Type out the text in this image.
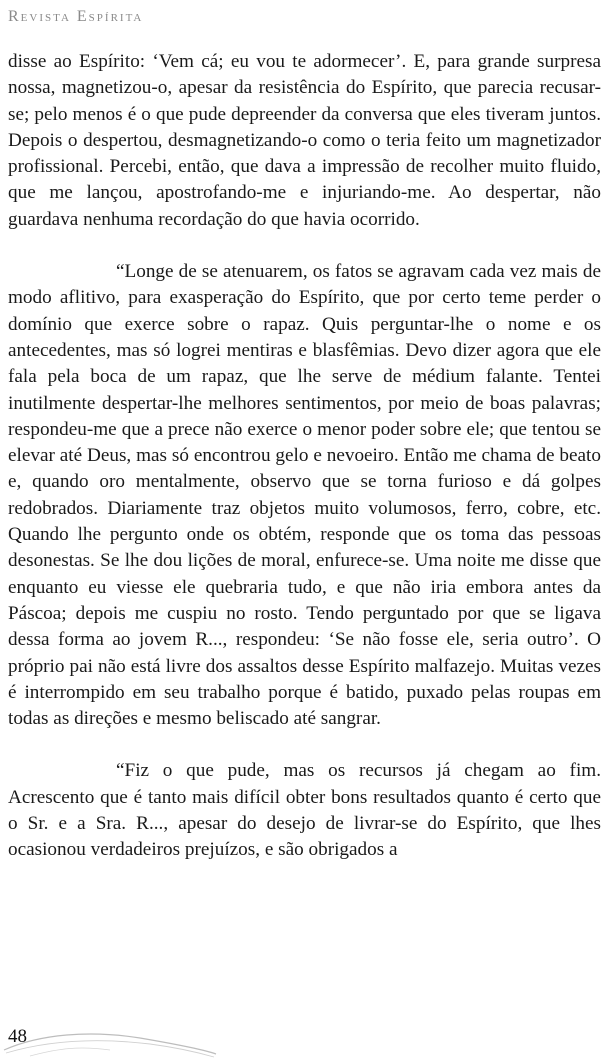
Revista Espírita

disse ao Espírito: ‘Vem cá; eu vou te adormecer’. E, para grande surpresa nossa, magnetizou-o, apesar da resistência do Espírito, que parecia recusar-se; pelo menos é o que pude depreender da conversa que eles tiveram juntos. Depois o despertou, desmagnetizando-o como o teria feito um magnetizador profissional. Percebi, então, que dava a impressão de recolher muito fluido, que me lançou, apostrofando-me e injuriando-me. Ao despertar, não guardava nenhuma recordação do que havia ocorrido.

“Longe de se atenuarem, os fatos se agravam cada vez mais de modo aflitivo, para exasperação do Espírito, que por certo teme perder o domínio que exerce sobre o rapaz. Quis perguntar-lhe o nome e os antecedentes, mas só logrei mentiras e blasfêmias. Devo dizer agora que ele fala pela boca de um rapaz, que lhe serve de médium falante. Tentei inutilmente despertar-lhe melhores sentimentos, por meio de boas palavras; respondeu-me que a prece não exerce o menor poder sobre ele; que tentou se elevar até Deus, mas só encontrou gelo e nevoeiro. Então me chama de beato e, quando oro mentalmente, observo que se torna furioso e dá golpes redobrados. Diariamente traz objetos muito volumosos, ferro, cobre, etc. Quando lhe pergunto onde os obtém, responde que os toma das pessoas desonestas. Se lhe dou lições de moral, enfurece-se. Uma noite me disse que enquanto eu viesse ele quebraria tudo, e que não iria embora antes da Páscoa; depois me cuspiu no rosto. Tendo perguntado por que se ligava dessa forma ao jovem R..., respondeu: ‘Se não fosse ele, seria outro’. O próprio pai não está livre dos assaltos desse Espírito malfazejo. Muitas vezes é interrompido em seu trabalho porque é batido, puxado pelas roupas em todas as direções e mesmo beliscado até sangrar.

“Fiz o que pude, mas os recursos já chegam ao fim. Acrescento que é tanto mais difícil obter bons resultados quanto é certo que o Sr. e a Sra. R..., apesar do desejo de livrar-se do Espírito, que lhes ocasionou verdadeiros prejuízos, e são obrigados a

48
